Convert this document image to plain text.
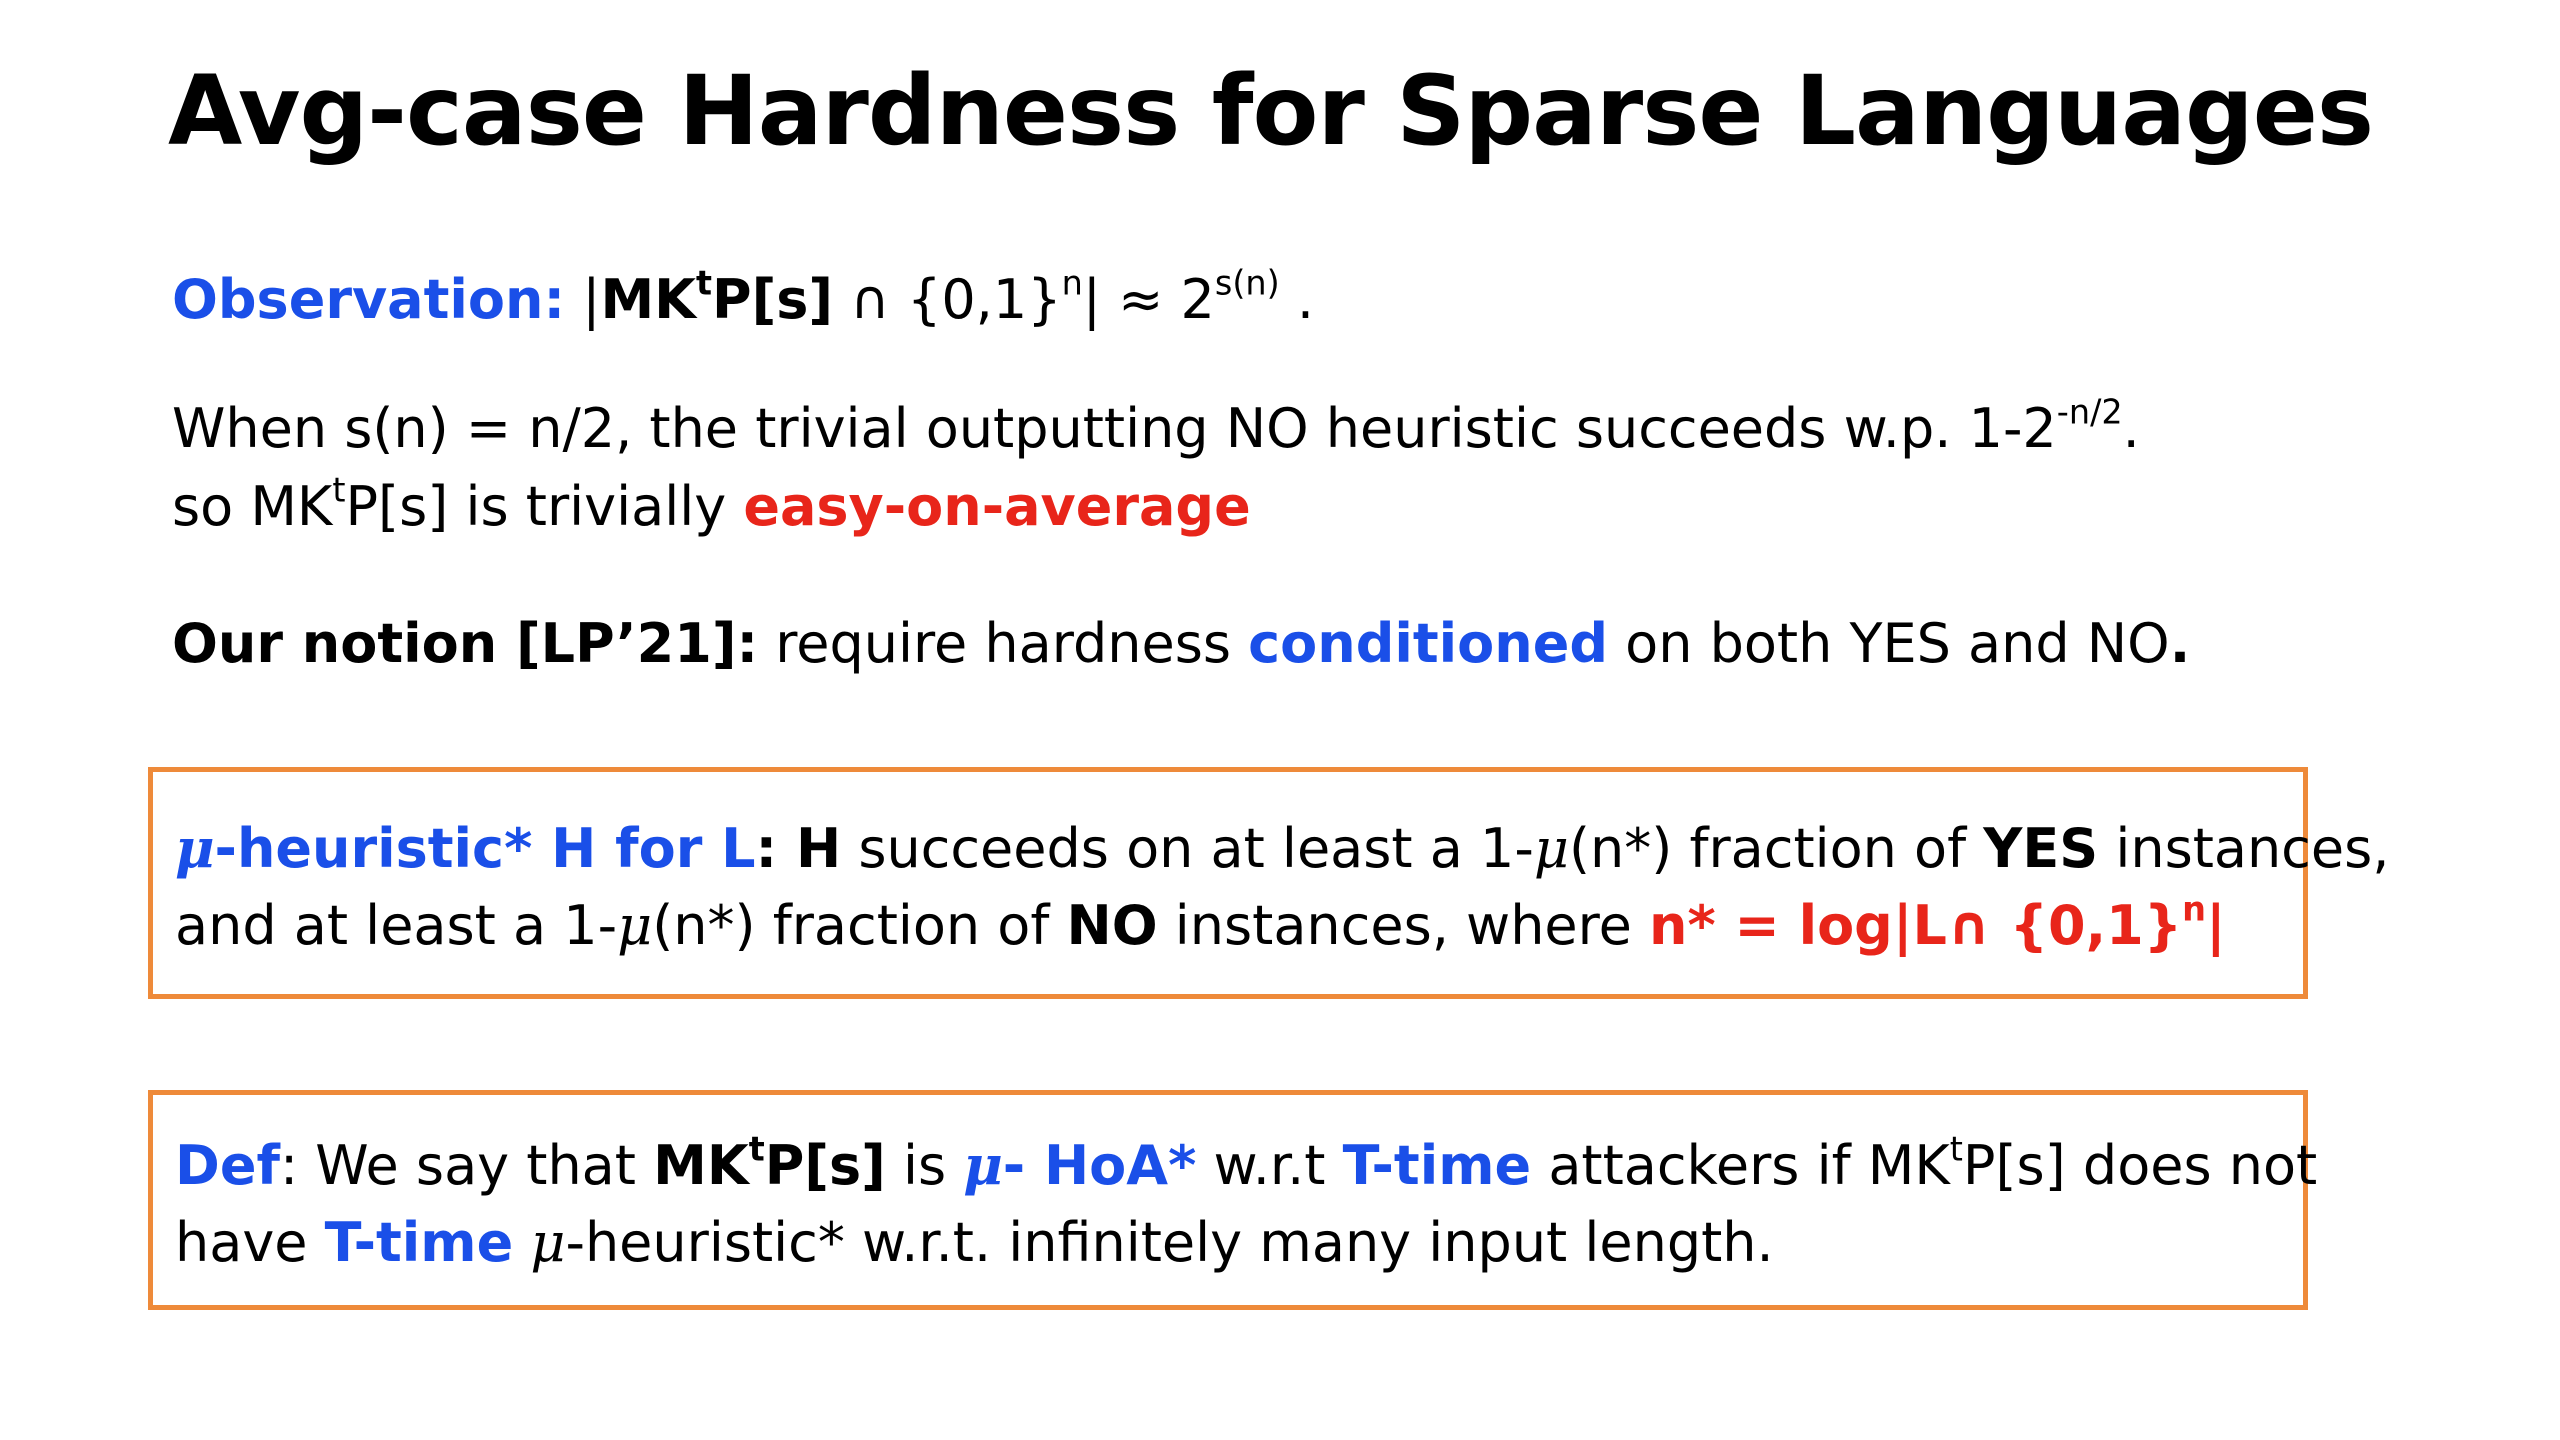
Avg-case Hardness for Sparse Languages

Observation: $|MK^tP[s]$ ∩ $\{0,1\}^n| \approx 2^{s(n)}$ .

When s(n) = n/2, the trivial outputting NO heuristic succeeds w.p. $1-2^{-n/2}$.

so $MK^tP[s]$ is trivially easy-on-average

Our notion [LP’21]: require hardness conditioned on both YES and NO.

μ-heuristic* H for L: H succeeds on at least a 1-μ(n*) fraction of YES instances,

and at least a 1-μ(n*) fraction of NO instances, where n* = log|L∩ $\{0,1\}^n|$

Def: We say that $MK^tP[s]$ is μ- HoA* w.r.t T-time attackers if $MK^tP[s]$ does not

have T-time μ-heuristic* w.r.t. infinitely many input length.
